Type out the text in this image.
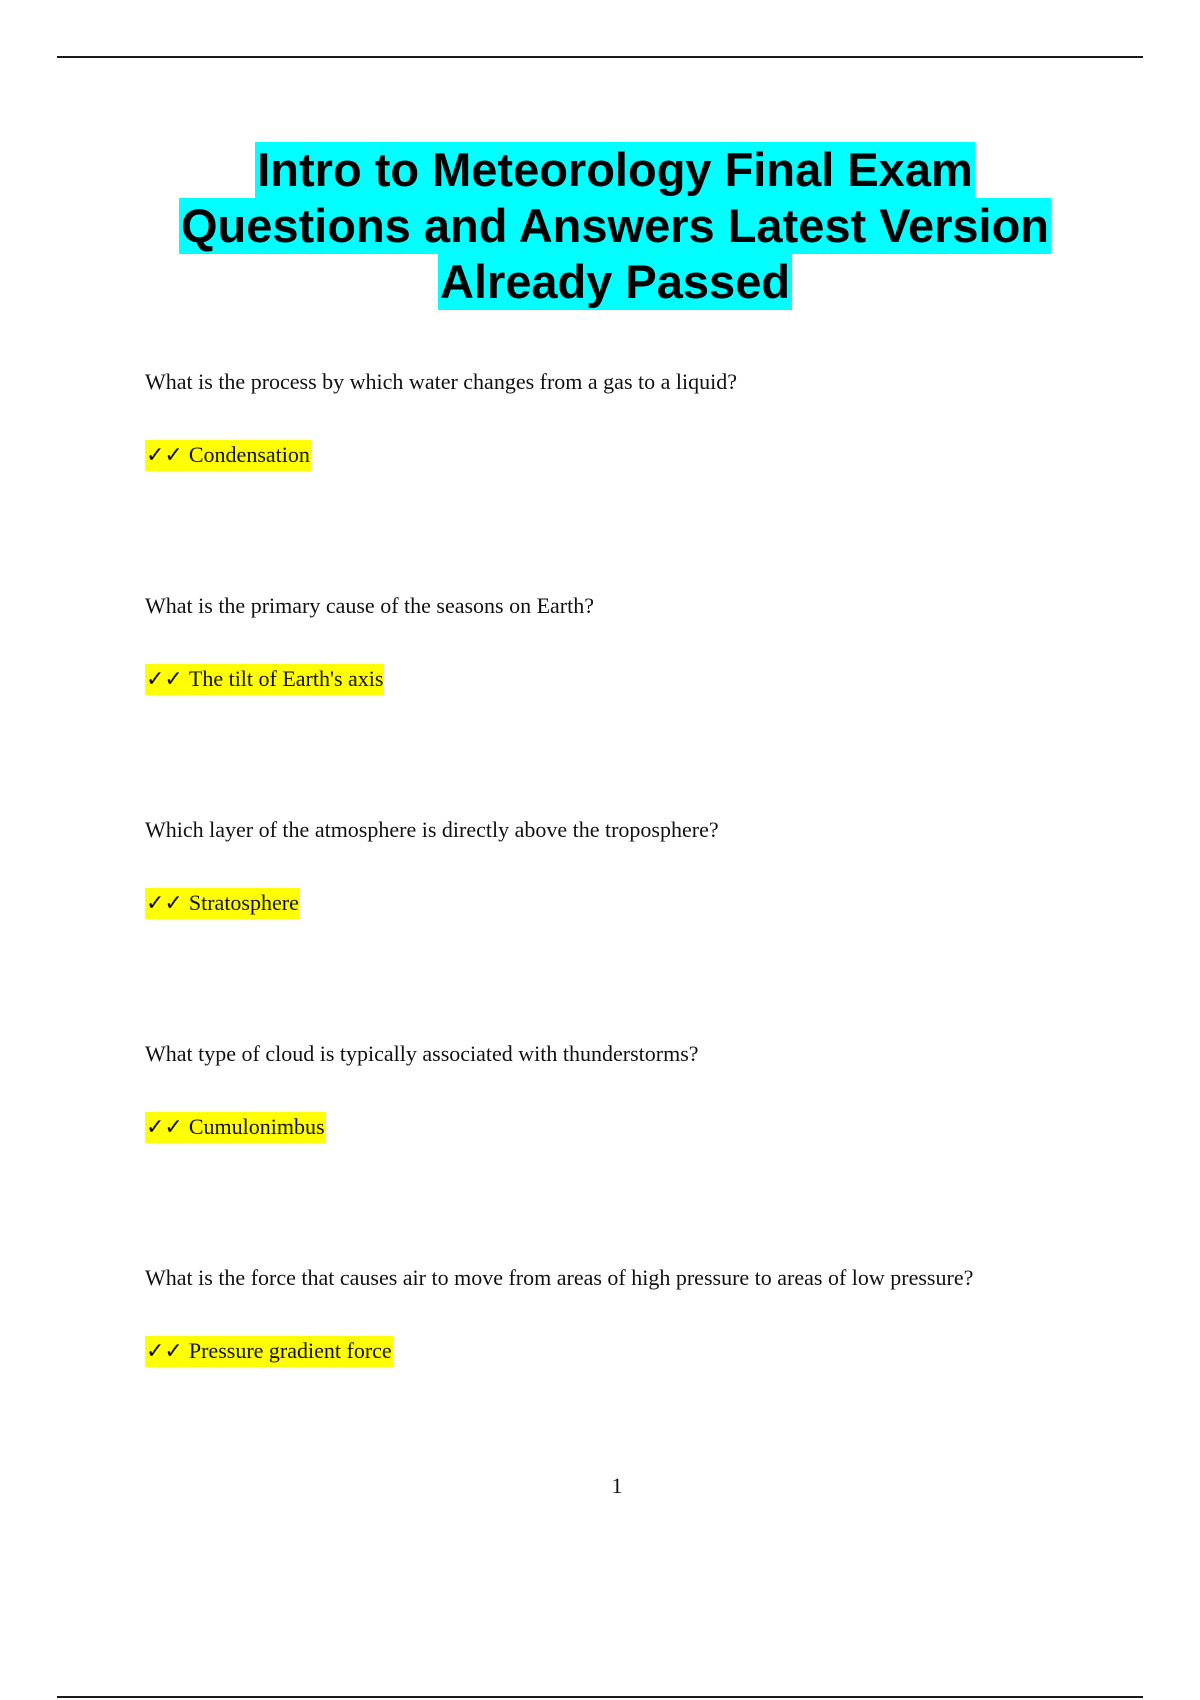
Intro to Meteorology Final Exam
Questions and Answers Latest Version
Already Passed

What is the process by which water changes from a gas to a liquid?

✓✓ Condensation

What is the primary cause of the seasons on Earth?

✓✓ The tilt of Earth's axis

Which layer of the atmosphere is directly above the troposphere?

✓✓ Stratosphere

What type of cloud is typically associated with thunderstorms?

✓✓ Cumulonimbus

What is the force that causes air to move from areas of high pressure to areas of low pressure?

✓✓ Pressure gradient force
1
